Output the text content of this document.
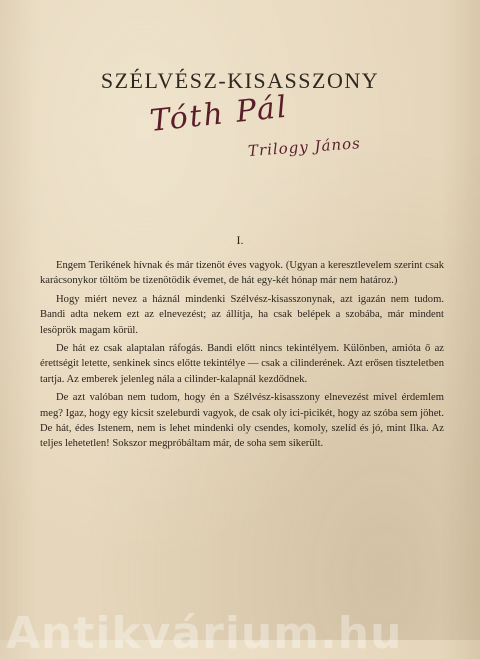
SZÉLVÉSZ-KISASSZONY
Tóth Pál
Trilogy János
I.

Engem Terikének hívnak és már tizenöt éves vagyok. (Ugyan a keresztlevelem szerint csak karácsonykor töltöm be tizenötödik évemet, de hát egy-két hónap már nem határoz.)

Hogy miért nevez a háznál mindenki Szélvész-kisasszonynak, azt igazán nem tudom. Bandi adta nekem ezt az elnevezést; az állítja, ha csak belépek a szobába, már mindent lesöprök magam körül.

De hát ez csak alaptalan ráfogás. Bandi előtt nincs tekintélyem. Különben, amióta ő az érettségit letette, senkinek sincs előtte tekintélye — csak a cilinderének. Azt erősen tiszteletben tartja. Az emberek jelenleg nála a cilinder-kalapnál kezdődnek.

De azt valóban nem tudom, hogy én a Szélvész-kisasszony elnevezést mivel érdemlem meg? Igaz, hogy egy kicsit szeleburdi vagyok, de csak oly ici-picikét, hogy az szóba sem jöhet. De hát, édes Istenem, nem is lehet mindenki oly csendes, komoly, szelíd és jó, mint Ilka. Az teljes lehetetlen! Sokszor megpróbáltam már, de soha sem sikerült.

Antikvárium.hu
